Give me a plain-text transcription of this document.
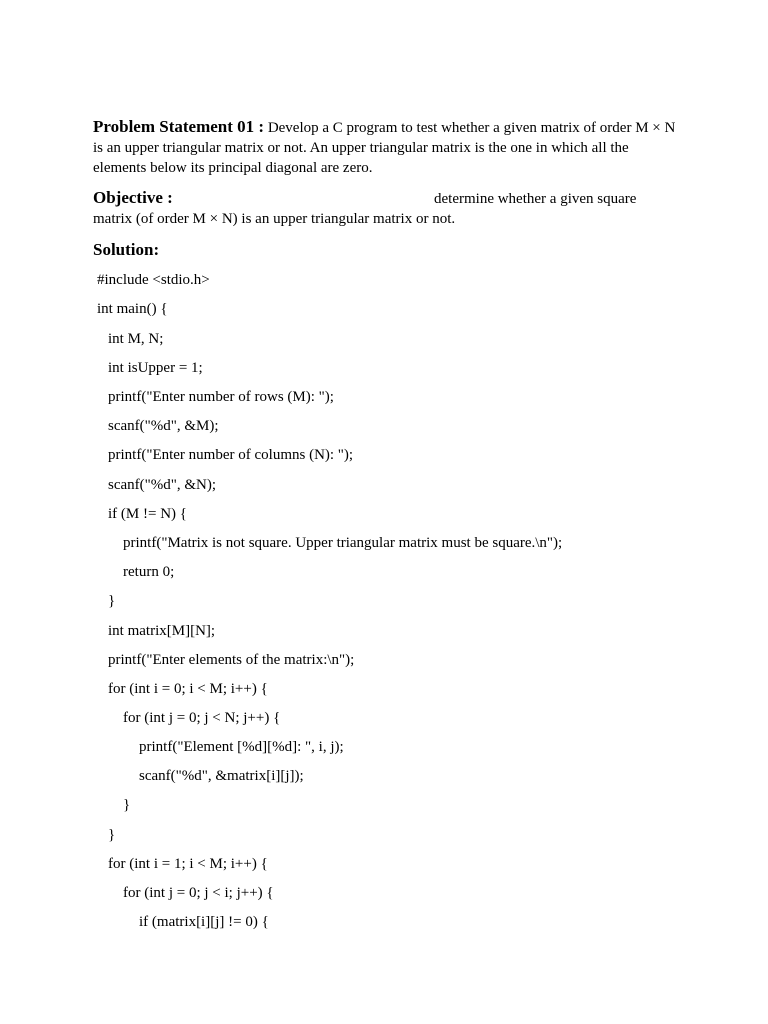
Problem Statement 01 : Develop a C program to test whether a given matrix of order M × N is an upper triangular matrix or not. An upper triangular matrix is the one in which all the elements below its principal diagonal are zero.
Objective :	determine whether a given square
matrix (of order M × N) is an upper triangular matrix or not.
Solution:
#include <stdio.h>
int main() {
int M, N;
int isUpper = 1;
printf("Enter number of rows (M): ");
scanf("%d", &M);
printf("Enter number of columns (N): ");
scanf("%d", &N);
if (M != N) {
printf("Matrix is not square. Upper triangular matrix must be square.\n");
return 0;
}
int matrix[M][N];
printf("Enter elements of the matrix:\n");
for (int i = 0; i < M; i++) {
for (int j = 0; j < N; j++) {
printf("Element [%d][%d]: ", i, j);
scanf("%d", &matrix[i][j]);
}
}
for (int i = 1; i < M; i++) {
for (int j = 0; j < i; j++) {
if (matrix[i][j] != 0) {
